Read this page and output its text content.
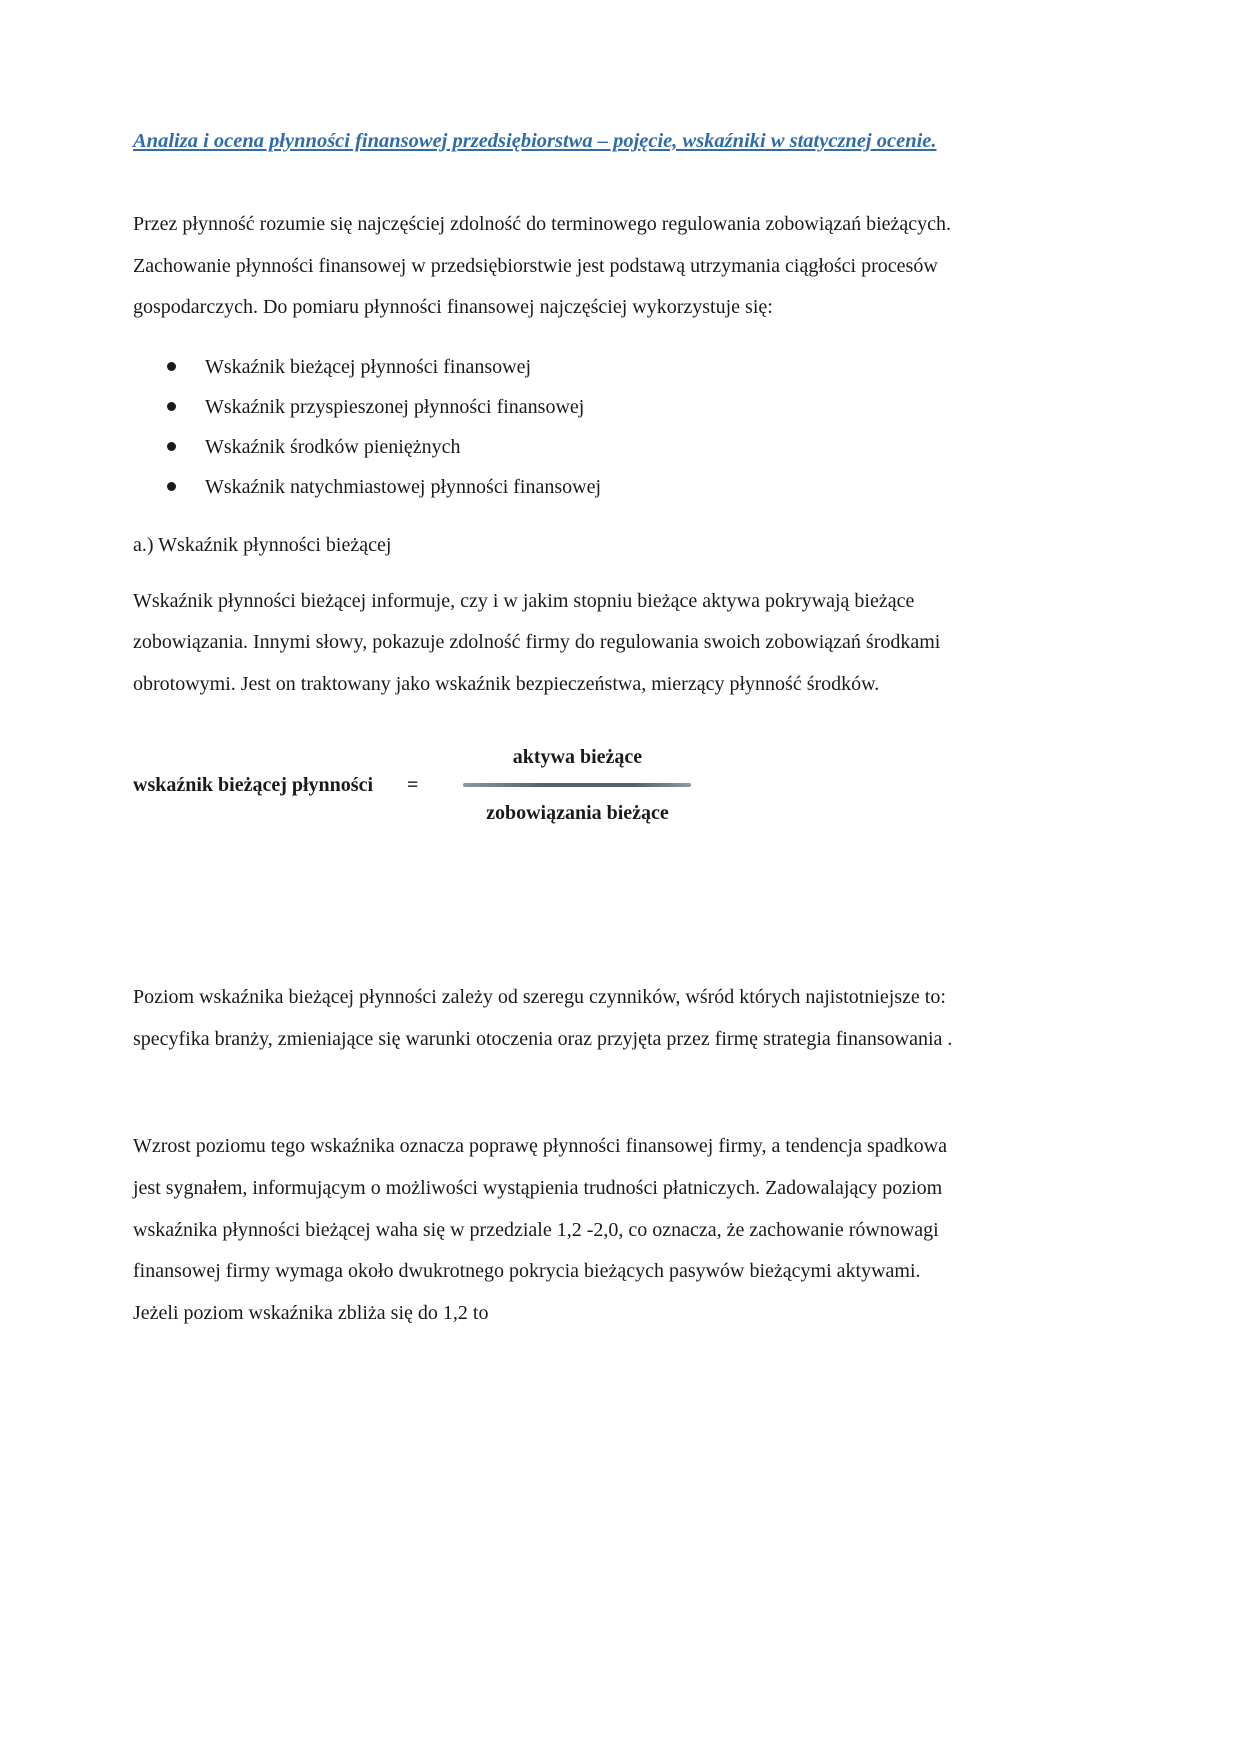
Analiza i ocena płynności finansowej przedsiębiorstwa – pojęcie, wskaźniki w statycznej ocenie.

Przez płynność rozumie się najczęściej zdolność do terminowego regulowania zobowiązań bieżących. Zachowanie płynności finansowej w przedsiębiorstwie jest podstawą utrzymania ciągłości procesów gospodarczych. Do pomiaru płynności finansowej najczęściej wykorzystuje się:

Wskaźnik bieżącej płynności finansowej
Wskaźnik przyspieszonej płynności finansowej
Wskaźnik środków pieniężnych
Wskaźnik natychmiastowej płynności finansowej

a.) Wskaźnik płynności bieżącej

Wskaźnik płynności bieżącej informuje, czy i w jakim stopniu bieżące aktywa pokrywają bieżące zobowiązania. Innymi słowy, pokazuje zdolność firmy do regulowania swoich zobowiązań środkami obrotowymi. Jest on traktowany jako wskaźnik bezpieczeństwa, mierzący płynność środków.

wskaźnik bieżącej płynności = $\frac{\text{aktywa bieżące}}{\text{zobowiązania bieżące}}$

Poziom wskaźnika bieżącej płynności zależy od szeregu czynników, wśród których najistotniejsze to: specyfika branży, zmieniające się warunki otoczenia oraz przyjęta przez firmę strategia finansowania .

Wzrost poziomu tego wskaźnika oznacza poprawę płynności finansowej firmy, a tendencja spadkowa jest sygnałem, informującym o możliwości wystąpienia trudności płatniczych. Zadowalający poziom wskaźnika płynności bieżącej waha się w przedziale 1,2 -2,0, co oznacza, że zachowanie równowagi finansowej firmy wymaga około dwukrotnego pokrycia bieżących pasywów bieżącymi aktywami. Jeżeli poziom wskaźnika zbliża się do 1,2 to
